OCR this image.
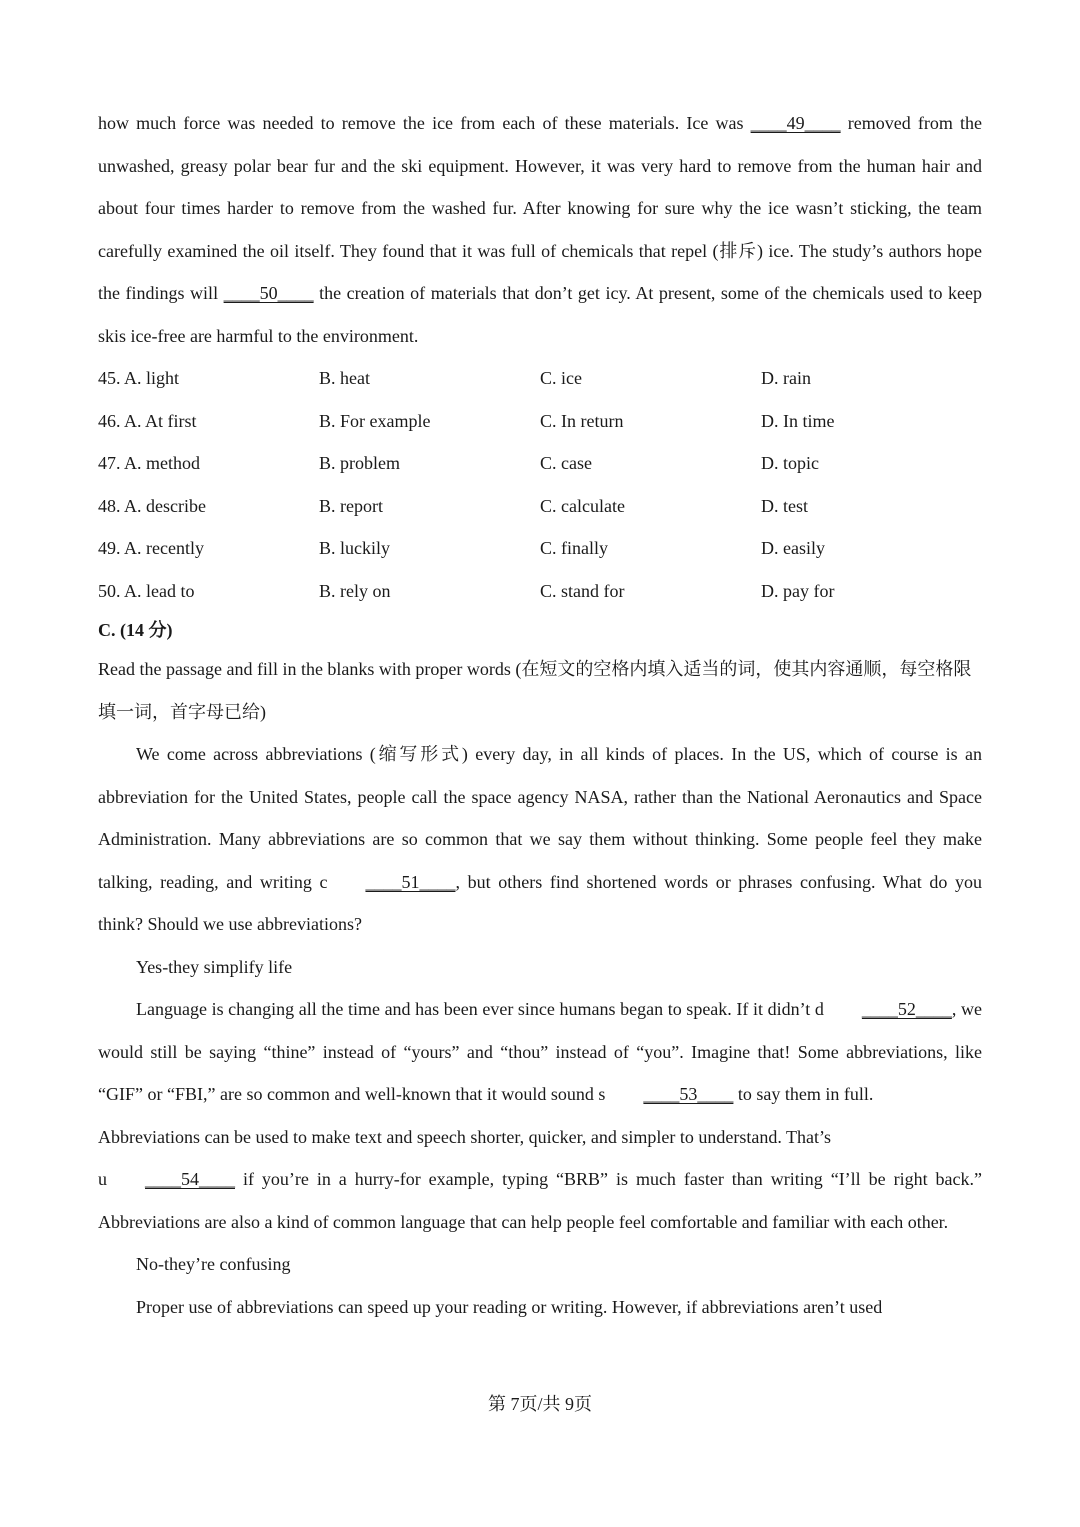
how much force was needed to remove the ice from each of these materials. Ice was ____49____ removed from the unwashed, greasy polar bear fur and the ski equipment. However, it was very hard to remove from the human hair and about four times harder to remove from the washed fur. After knowing for sure why the ice wasn’t sticking, the team carefully examined the oil itself. They found that it was full of chemicals that repel (排斥) ice. The study’s authors hope the findings will ____50____ the creation of materials that don’t get icy. At present, some of the chemicals used to keep skis ice-free are harmful to the environment.

45. A. light	B. heat	C. ice	D. rain
46. A. At first	B. For example	C. In return	D. In time
47. A. method	B. problem	C. case	D. topic
48. A. describe	B. report	C. calculate	D. test
49. A. recently	B. luckily	C. finally	D. easily
50. A. lead to	B. rely on	C. stand for	D. pay for

C. (14 分)

Read the passage and fill in the blanks with proper words (在短文的空格内填入适当的词，使其内容通顺，每空格限填一词，首字母已给)

We come across abbreviations (缩写形式) every day, in all kinds of places. In the US, which of course is an abbreviation for the United States, people call the space agency NASA, rather than the National Aeronautics and Space Administration. Many abbreviations are so common that we say them without thinking. Some people feel they make talking, reading, and writing c ____51____, but others find shortened words or phrases confusing. What do you think? Should we use abbreviations?

Yes-they simplify life

Language is changing all the time and has been ever since humans began to speak. If it didn’t d ____52____, we would still be saying “thine” instead of “yours” and “thou” instead of “you”. Imagine that! Some abbreviations, like “GIF” or “FBI,” are so common and well-known that it would sound s ____53____ to say them in full.
Abbreviations can be used to make text and speech shorter, quicker, and simpler to understand. That’s
u ____54____ if you’re in a hurry-for example, typing “BRB” is much faster than writing “I’ll be right back.” Abbreviations are also a kind of common language that can help people feel comfortable and familiar with each other.

No-they’re confusing

Proper use of abbreviations can speed up your reading or writing. However, if abbreviations aren’t used

第 7页/共 9页
